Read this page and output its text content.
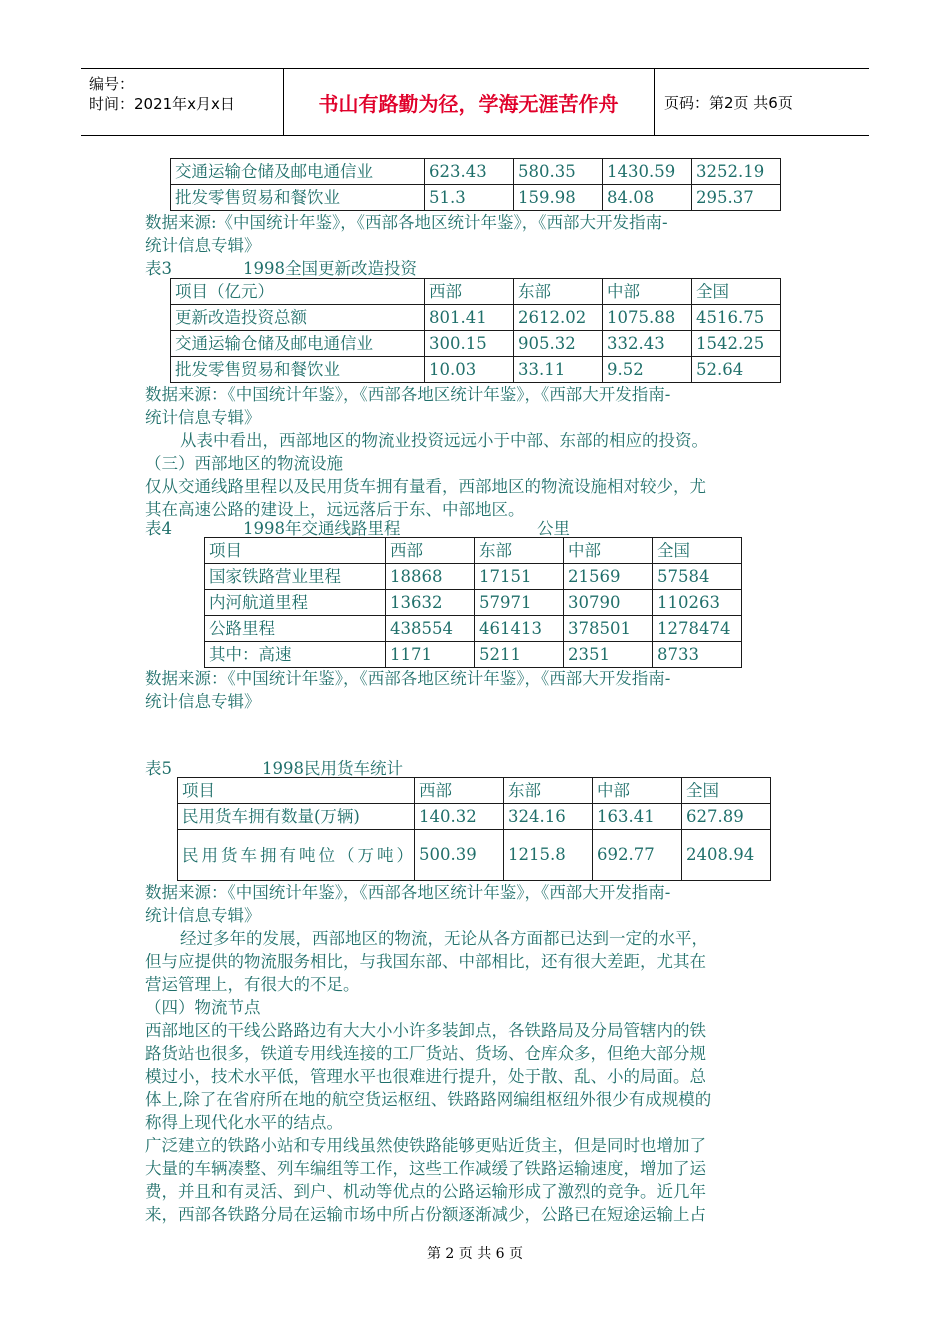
编号：
时间：2021年x月x日	书山有路勤为径，学海无涯苦作舟	页码：第2页 共6页
交通运输仓储及邮电通信业	623.43	580.35	1430.59	3252.19
批发零售贸易和餐饮业	51.3	159.98	84.08	295.37
数据来源:《中国统计年鉴》，《西部各地区统计年鉴》，《西部大开发指南-
统计信息专辑》
表3	1998全国更新改造投资
项目（亿元）	西部	东部	中部	全国
更新改造投资总额	801.41	2612.02	1075.88	4516.75
交通运输仓储及邮电通信业	300.15	905.32	332.43	1542.25
批发零售贸易和餐饮业	10.03	33.11	9.52	52.64
数据来源：《中国统计年鉴》，《西部各地区统计年鉴》，《西部大开发指南-
统计信息专辑》
从表中看出，西部地区的物流业投资远远小于中部、东部的相应的投资。
（三）西部地区的物流设施
仅从交通线路里程以及民用货车拥有量看，西部地区的物流设施相对较少，尤
其在高速公路的建设上，远远落后于东、中部地区。
表4	1998年交通线路里程	公里
项目	西部	东部	中部	全国
国家铁路营业里程	18868	17151	21569	57584
内河航道里程	13632	57971	30790	110263
公路里程	438554	461413	378501	1278474
其中：高速	1171	5211	2351	8733
数据来源：《中国统计年鉴》，《西部各地区统计年鉴》，《西部大开发指南-
统计信息专辑》
表5	1998民用货车统计
项目	西部	东部	中部	全国
民用货车拥有数量(万辆)	140.32	324.16	163.41	627.89
民用货车拥有吨位（万吨）	500.39	1215.8	692.77	2408.94
数据来源：《中国统计年鉴》，《西部各地区统计年鉴》，《西部大开发指南-
统计信息专辑》
经过多年的发展，西部地区的物流，无论从各方面都已达到一定的水平，
但与应提供的物流服务相比，与我国东部、中部相比，还有很大差距，尤其在
营运管理上，有很大的不足。
（四）物流节点
西部地区的干线公路路边有大大小小许多装卸点，各铁路局及分局管辖内的铁
路货站也很多，铁道专用线连接的工厂货站、货场、仓库众多，但绝大部分规
模过小，技术水平低，管理水平也很难进行提升，处于散、乱、小的局面。总
体上,除了在省府所在地的航空货运枢纽、铁路路网编组枢纽外很少有成规模的
称得上现代化水平的结点。
广泛建立的铁路小站和专用线虽然使铁路能够更贴近货主，但是同时也增加了
大量的车辆凑整、列车编组等工作，这些工作减缓了铁路运输速度，增加了运
费，并且和有灵活、到户、机动等优点的公路运输形成了激烈的竞争。近几年
来，西部各铁路分局在运输市场中所占份额逐渐减少，公路已在短途运输上占
第 2 页 共 6 页
